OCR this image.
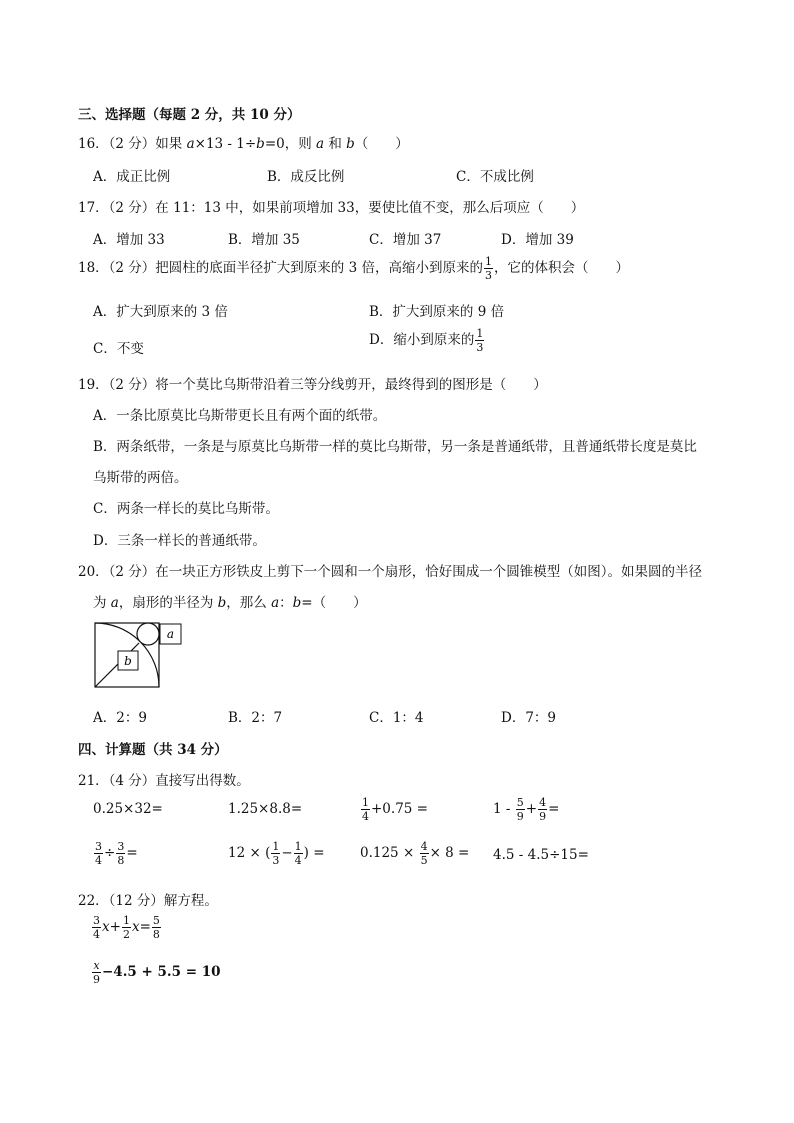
三、选择题（每题 2 分，共 10 分）
16．（2 分）如果 𝑎×13 - 1÷𝑏=0，则 𝑎 和 𝑏（　　）
A．成正比例	B．成反比例	C．不成比例
17．（2 分）在 11：13 中，如果前项增加 33，要使比值不变，那么后项应（　　）
A．增加 33	B．增加 35	C．增加 37	D．增加 39
18．（2 分）把圆柱的底面半径扩大到原来的 3 倍，高缩小到原来的 $\frac{1}{3}$ ，它的体积会（　　）
A．扩大到原来的 3 倍	B．扩大到原来的 9 倍
C．不变
D．缩小到原来的 $\frac{1}{3}$
19．（2 分）将一个莫比乌斯带沿着三等分线剪开，最终得到的图形是（　　）
A．一条比原莫比乌斯带更长且有两个面的纸带。
B．两条纸带，一条是与原莫比乌斯带一样的莫比乌斯带，另一条是普通纸带，且普通纸带长度是莫比
乌斯带的两倍。
C．两条一样长的莫比乌斯带。
D．三条一样长的普通纸带。
20．（2 分）在一块正方形铁皮上剪下一个圆和一个扇形，恰好围成一个圆锥模型（如图）。如果圆的半径
为 𝑎，扇形的半径为 𝑏，那么 𝑎：𝑏=（　　）
a
b
A．2：9	B．2：7	C．1：4	D．7：9
四、计算题（共 34 分）
21．（4 分）直接写出得数。
0.25×32=	1.25×8.8=	$\frac{1}{4} +0.75$ =	$1 - \frac{5}{9} + \frac{4}{9}$ =
$\frac{3}{4} \div \frac{3}{8}$ =	12 × ( $\frac{1}{3} - \frac{1}{4}$ ) =	$0.125 \times \frac{4}{5} \times 8 = 4.5 - 4.5\div 15=$
22．（12 分）解方程。
$\frac{3}{4} x+ \frac{1}{2} x= \frac{5}{8}$
$\frac{x}{9} -4.5 + 5.5 = 10$
